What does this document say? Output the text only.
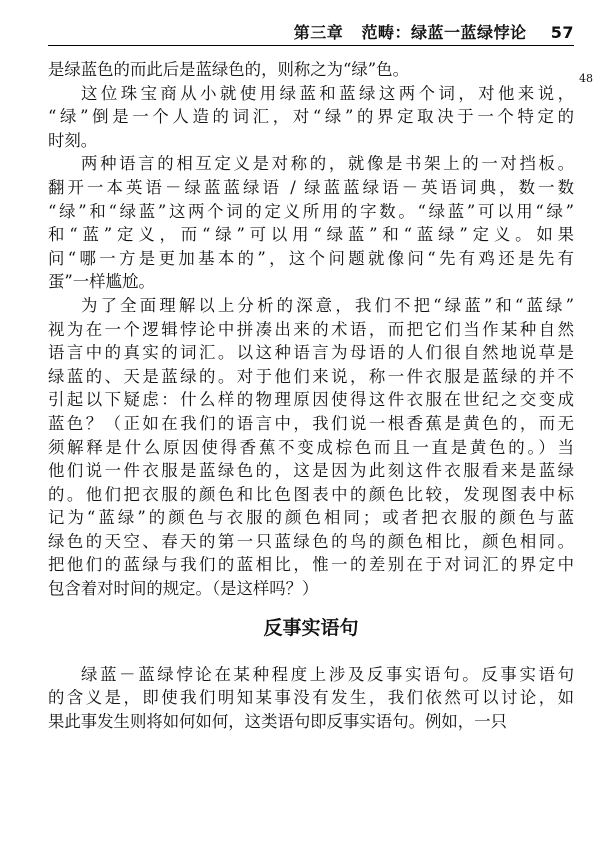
第三章 范畴：绿蓝一蓝绿悖论 57
48
是绿蓝色的而此后是蓝绿色的，则称之为“绿”色。
这位珠宝商从小就使用绿蓝和蓝绿这两个词，对他来说，
“绿”倒是一个人造的词汇，对“绿”的界定取决于一个特定的
时刻。
两种语言的相互定义是对称的，就像是书架上的一对挡板。
翻开一本英语－绿蓝蓝绿语 / 绿蓝蓝绿语－英语词典，数一数
“绿”和“绿蓝”这两个词的定义所用的字数。“绿蓝”可以用“绿”
和“蓝”定义，而“绿”可以用“绿蓝”和“蓝绿”定义。如果
问“哪一方是更加基本的”，这个问题就像问“先有鸡还是先有
蛋”一样尴尬。
为了全面理解以上分析的深意，我们不把“绿蓝”和“蓝绿”
视为在一个逻辑悖论中拼凑出来的术语，而把它们当作某种自然
语言中的真实的词汇。以这种语言为母语的人们很自然地说草是
绿蓝的、天是蓝绿的。对于他们来说，称一件衣服是蓝绿的并不
引起以下疑虑：什么样的物理原因使得这件衣服在世纪之交变成
蓝色？（正如在我们的语言中，我们说一根香蕉是黄色的，而无
须解释是什么原因使得香蕉不变成棕色而且一直是黄色的。）当
他们说一件衣服是蓝绿色的，这是因为此刻这件衣服看来是蓝绿
的。他们把衣服的颜色和比色图表中的颜色比较，发现图表中标
记为“蓝绿”的颜色与衣服的颜色相同；或者把衣服的颜色与蓝
绿色的天空、春天的第一只蓝绿色的鸟的颜色相比，颜色相同。
把他们的蓝绿与我们的蓝相比，惟一的差别在于对词汇的界定中
包含着对时间的规定。（是这样吗？）
反事实语句
绿蓝－蓝绿悖论在某种程度上涉及反事实语句。反事实语句
的含义是，即使我们明知某事没有发生，我们依然可以讨论，如
果此事发生则将如何如何，这类语句即反事实语句。例如，一只
